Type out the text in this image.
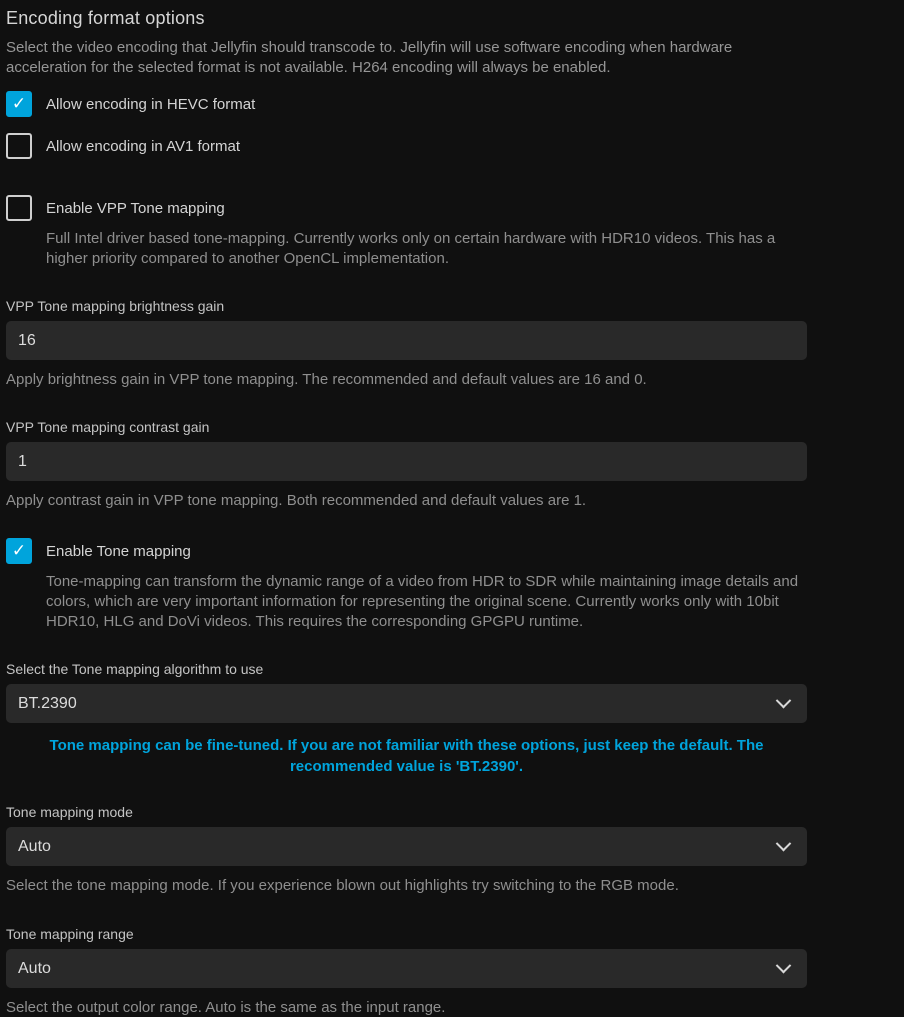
Encoding format options
Select the video encoding that Jellyfin should transcode to. Jellyfin will use software encoding when hardware acceleration for the selected format is not available. H264 encoding will always be enabled.
✓ Allow encoding in HEVC format
Allow encoding in AV1 format
Enable VPP Tone mapping
Full Intel driver based tone-mapping. Currently works only on certain hardware with HDR10 videos. This has a higher priority compared to another OpenCL implementation.
VPP Tone mapping brightness gain
16
Apply brightness gain in VPP tone mapping. The recommended and default values are 16 and 0.
VPP Tone mapping contrast gain
1
Apply contrast gain in VPP tone mapping. Both recommended and default values are 1.
✓ Enable Tone mapping
Tone-mapping can transform the dynamic range of a video from HDR to SDR while maintaining image details and colors, which are very important information for representing the original scene. Currently works only with 10bit HDR10, HLG and DoVi videos. This requires the corresponding GPGPU runtime.
Select the Tone mapping algorithm to use
BT.2390
Tone mapping can be fine-tuned. If you are not familiar with these options, just keep the default. The recommended value is 'BT.2390'.
Tone mapping mode
Auto
Select the tone mapping mode. If you experience blown out highlights try switching to the RGB mode.
Tone mapping range
Auto
Select the output color range. Auto is the same as the input range.
